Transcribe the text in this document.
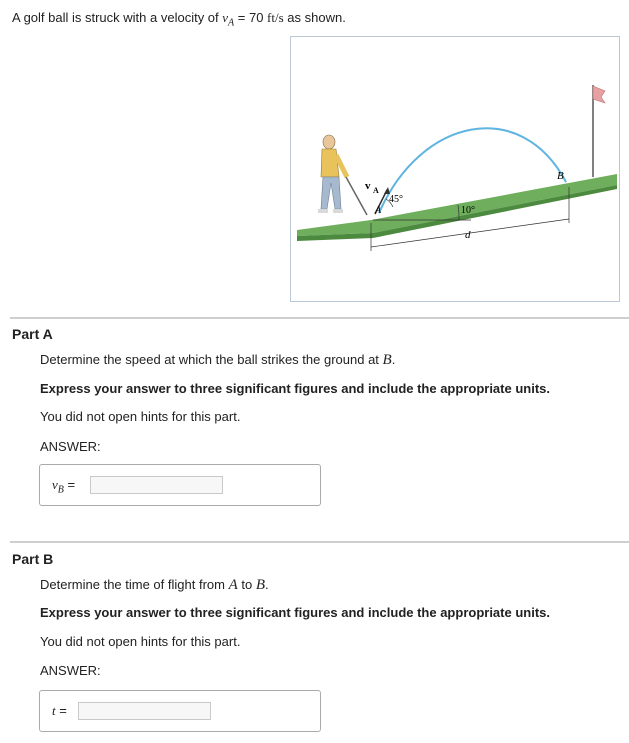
A golf ball is struck with a velocity of $v_A = 70$ ft/s as shown.
v A
45°
A	10°
d
B
Part A
Determine the speed at which the ball strikes the ground at B.
Express your answer to three significant figures and include the appropriate units.
You did not open hints for this part.
ANSWER:
$v_B$ =
Part B
Determine the time of flight from A to B.
Express your answer to three significant figures and include the appropriate units.
You did not open hints for this part.
ANSWER:
t =
